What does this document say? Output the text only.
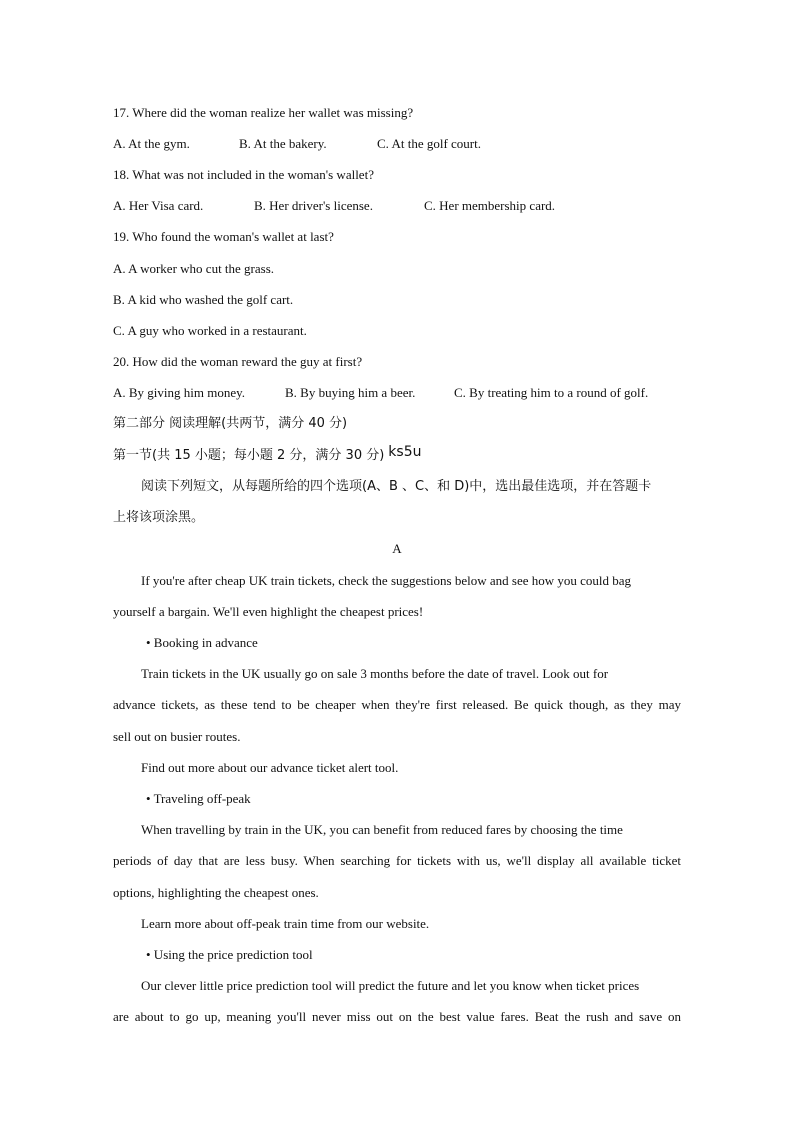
17. Where did the woman realize her wallet was missing?
A. At the gym.	B. At the bakery.	C. At the golf court.
18. What was not included in the woman's wallet?
A. Her Visa card.	B. Her driver's license.	C. Her membership card.
19. Who found the woman's wallet at last?
A. A worker who cut the grass.
B. A kid who washed the golf cart.
C. A guy who worked in a restaurant.
20. How did the woman reward the guy at first?
A. By giving him money.	B. By buying him a beer.	C. By treating him to a round of golf.
第二部分 阅读理解(共两节，满分 40 分)
第一节(共 15 小题；每小题 2 分，满分 30 分) ks5u
阅读下列短文，从每题所给的四个选项(A、B 、C、和 D)中，选出最佳选项，并在答题卡
上将该项涂黑。
A
If you're after cheap UK train tickets, check the suggestions below and see how you could bag
yourself a bargain. We'll even highlight the cheapest prices!
• Booking in advance
Train tickets in the UK usually go on sale 3 months before the date of travel. Look out for
advance tickets, as these tend to be cheaper when they're first released. Be quick though, as they may
sell out on busier routes.
Find out more about our advance ticket alert tool.
• Traveling off-peak
When travelling by train in the UK, you can benefit from reduced fares by choosing the time
periods of day that are less busy. When searching for tickets with us, we'll display all available ticket
options, highlighting the cheapest ones.
Learn more about off-peak train time from our website.
• Using the price prediction tool
Our clever little price prediction tool will predict the future and let you know when ticket prices
are about to go up, meaning you'll never miss out on the best value fares. Beat the rush and save on
